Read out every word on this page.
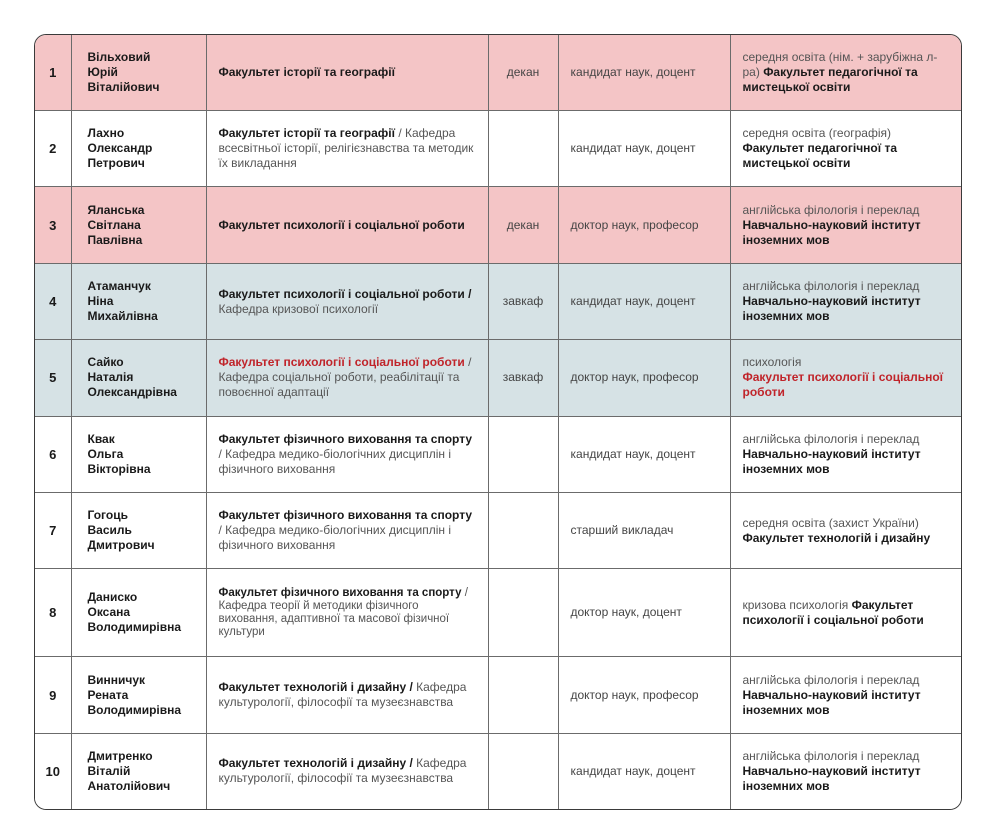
1	Вільховий
Юрій
Віталійович	Факультет історії та географії	декан	кандидат наук, доцент	середня освіта (нім. + зарубіжна л-ра) Факультет педагогічної та мистецької освіти
2	Лахно
Олександр
Петрович	Факультет історії та географії / Кафедра всесвітньої історії, релігієзнавства та методик їх викладання		кандидат наук, доцент	середня освіта (географія)
Факультет педагогічної та мистецької освіти
3	Яланська
Світлана
Павлівна	Факультет психології і соціальної роботи	декан	доктор наук, професор	англійська філологія і переклад
Навчально-науковий інститут іноземних мов
4	Атаманчук
Ніна
Михайлівна	Факультет психології і соціальної роботи / Кафедра кризової психології	завкаф	кандидат наук, доцент	англійська філологія і переклад
Навчально-науковий інститут іноземних мов
5	Сайко
Наталія
Олександрівна	Факультет психології і соціальної роботи / Кафедра соціальної роботи, реабілітації та повоєнної адаптації	завкаф	доктор наук, професор	психологія
Факультет психології і соціальної роботи
6	Квак
Ольга
Вікторівна	Факультет фізичного виховання та спорту / Кафедра медико-біологічних дисциплін і фізичного виховання		кандидат наук, доцент	англійська філологія і переклад
Навчально-науковий інститут іноземних мов
7	Гогоць
Василь
Дмитрович	Факультет фізичного виховання та спорту / Кафедра медико-біологічних дисциплін і фізичного виховання		старший викладач	середня освіта (захист України)
Факультет технологій і дизайну
8	Даниско
Оксана
Володимирівна	Факультет фізичного виховання та спорту / Кафедра теорії й методики фізичного виховання, адаптивної та масової фізичної культури		доктор наук, доцент	кризова психологія Факультет психології і соціальної роботи
9	Винничук
Рената
Володимирівна	Факультет технологій і дизайну / Кафедра культурології, філософії та музеєзнавства		доктор наук, професор	англійська філологія і переклад
Навчально-науковий інститут іноземних мов
10	Дмитренко
Віталій
Анатолійович	Факультет технологій і дизайну / Кафедра культурології, філософії та музеєзнавства		кандидат наук, доцент	англійська філологія і переклад
Навчально-науковий інститут іноземних мов
